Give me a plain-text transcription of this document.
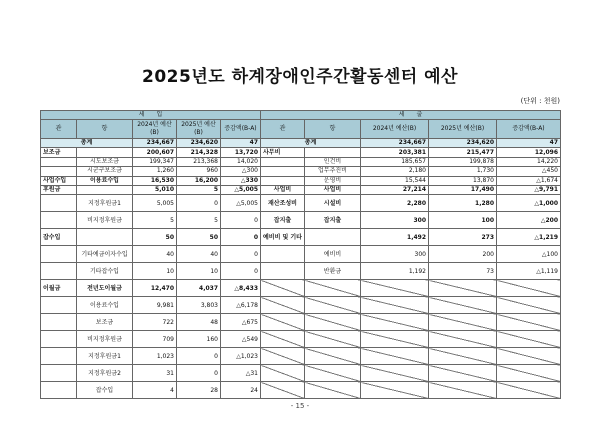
2025년도 하계장애인주간활동센터 예산
(단위 : 천원)
세　　입					세　　출				
관	항	2024년 예산(B)	2025년 예산(B)	증감액(B-A)	관	항	2024년 예산(B)	2025년 예산(B)	증감액(B-A)
총계		234,667	234,620	47	총계		234,667	234,620	47
보조금		200,607	214,328	13,720	사무비		203,381	215,477	12,096
	시도보조금	199,347	213,368	14,020		인건비	185,657	199,878	14,220
	시군구보조금	1,260	960	△300		업무추진비	2,180	1,730	△450
사업수입	이용료수입	16,530	16,200	△330		운영비	15,544	13,870	△1,674
후원금		5,010	5	△5,005	사업비	사업비	27,214	17,490	△9,791
	지정후원금1	5,005	0	△5,005	재산조성비	시설비	2,280	1,280	△1,000
	비지정후원금	5	5	0	잡지출	잡지출	300	100	△200
잡수입		50	50	0	예비비 및 기타		1,492	273	△1,219
	기타예금이자수입	40	40	0		예비비	300	200	△100
	기타잡수입	10	10	0		반환금	1,192	73	△1,119
이월금	전년도이월금	12,470	4,037	△8,433					
	이용료수입	9,981	3,803	△6,178					
	보조금	722	48	△675					
	비지정후원금	709	160	△549					
	지정후원금1	1,023	0	△1,023					
	지정후원금2	31	0	△31					
	잡수입	4	28	24					
- 15 -
